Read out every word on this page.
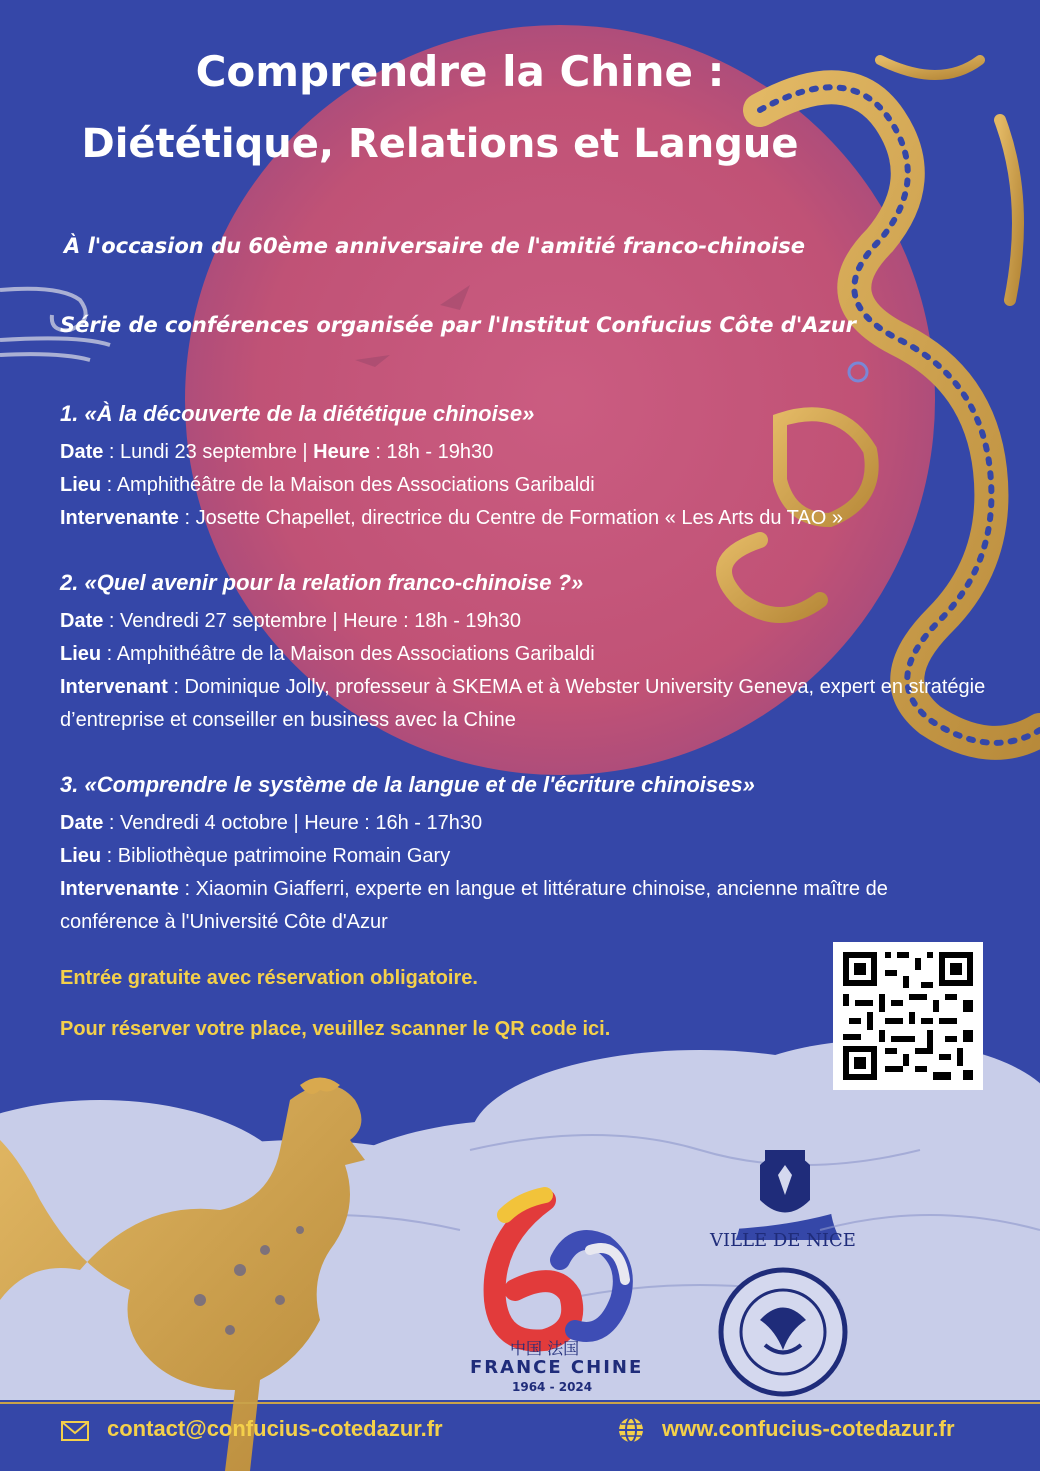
Comprendre la Chine :
Diététique, Relations et Langue
À l'occasion du 60ème anniversaire de l'amitié franco-chinoise
Série de conférences organisée par l'Institut Confucius Côte d'Azur
1. «À la découverte de la diététique chinoise»

Date : Lundi 23 septembre | Heure : 18h - 19h30

Lieu : Amphithéâtre de la Maison des Associations Garibaldi

Intervenante : Josette Chapellet, directrice du Centre de Formation « Les Arts du TAO »

2. «Quel avenir pour la relation franco-chinoise ?»

Date : Vendredi 27 septembre | Heure : 18h - 19h30

Lieu : Amphithéâtre de la Maison des Associations Garibaldi

Intervenant : Dominique Jolly, professeur à SKEMA et à Webster University Geneva, expert en stratégie d’entreprise et conseiller en business avec la Chine

3. «Comprendre le système de la langue et de l'écriture chinoises»

Date : Vendredi 4 octobre | Heure : 16h - 17h30

Lieu : Bibliothèque patrimoine Romain Gary

Intervenante : Xiaomin Giafferri, experte en langue et littérature chinoise, ancienne maître de conférence à l'Université Côte d'Azur

Entrée gratuite avec réservation obligatoire.
Pour réserver votre place, veuillez scanner le QR code ici.
中国 法国
FRANCE CHINE
1964 - 2024
VILLE DE NICE
contact@confucius-cotedazur.fr	www.confucius-cotedazur.fr
